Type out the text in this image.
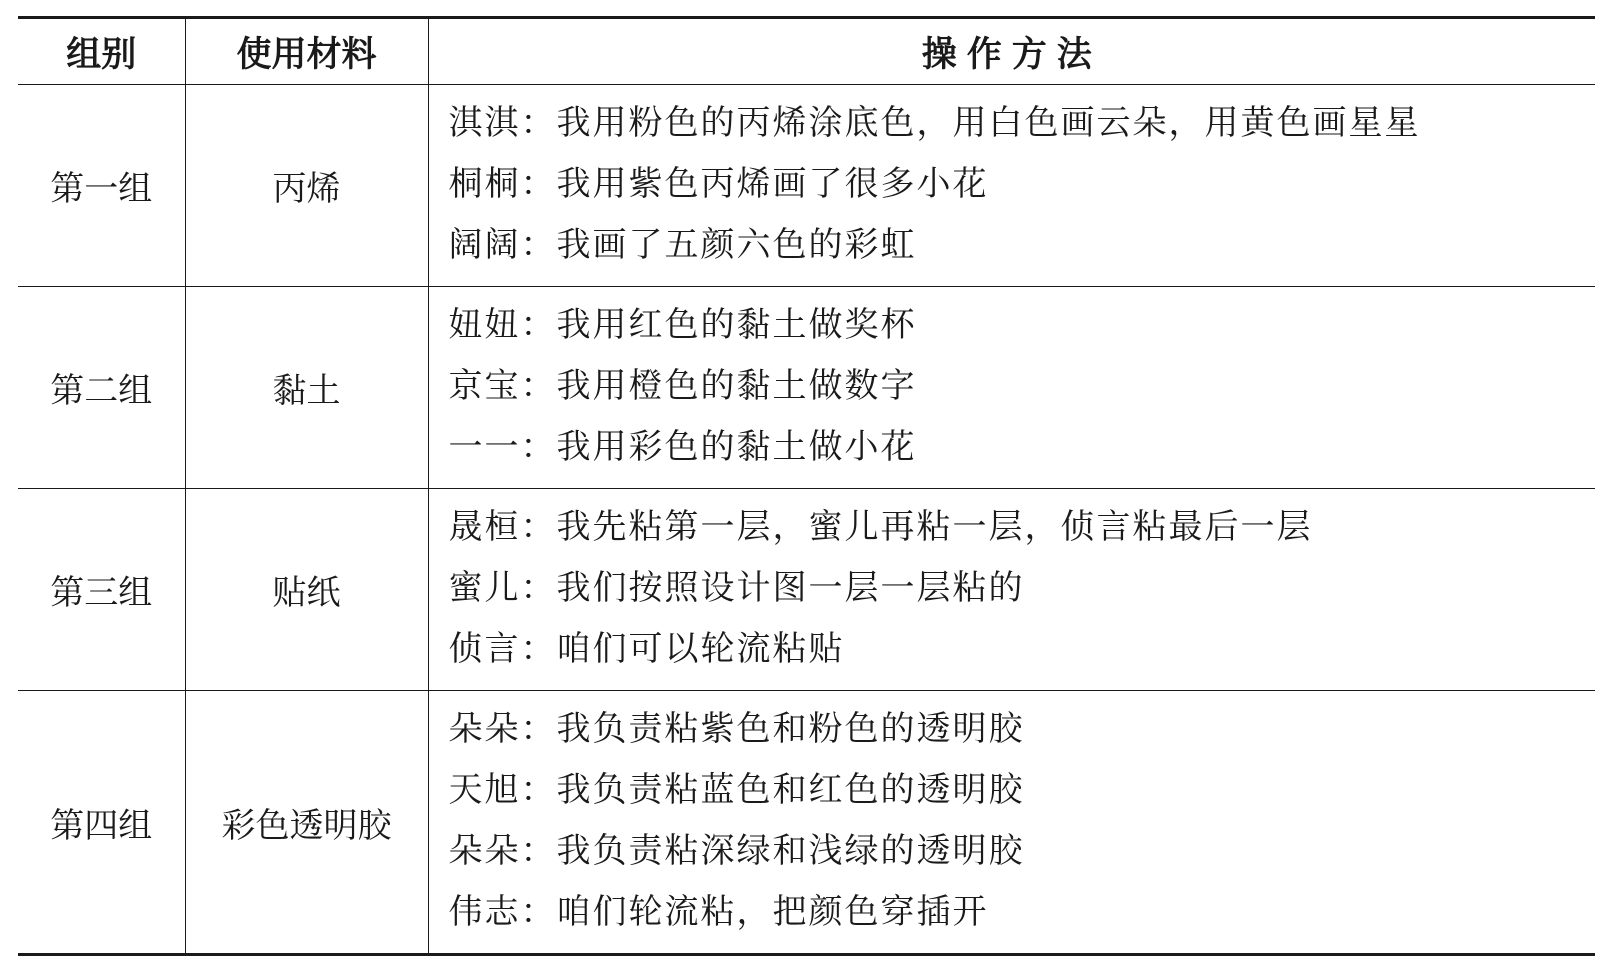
组别	使用材料	操作方法
第一组	丙烯	淇淇：我用粉色的丙烯涂底色，用白色画云朵，用黄色画星星
桐桐：我用紫色丙烯画了很多小花
阔阔：我画了五颜六色的彩虹

第二组	黏土	妞妞：我用红色的黏土做奖杯
京宝：我用橙色的黏土做数字
一一：我用彩色的黏土做小花

第三组	贴纸	晟桓：我先粘第一层，蜜儿再粘一层，侦言粘最后一层
蜜儿：我们按照设计图一层一层粘的
侦言：咱们可以轮流粘贴

第四组	彩色透明胶	朵朵：我负责粘紫色和粉色的透明胶
天旭：我负责粘蓝色和红色的透明胶
朵朵：我负责粘深绿和浅绿的透明胶
伟志：咱们轮流粘，把颜色穿插开
